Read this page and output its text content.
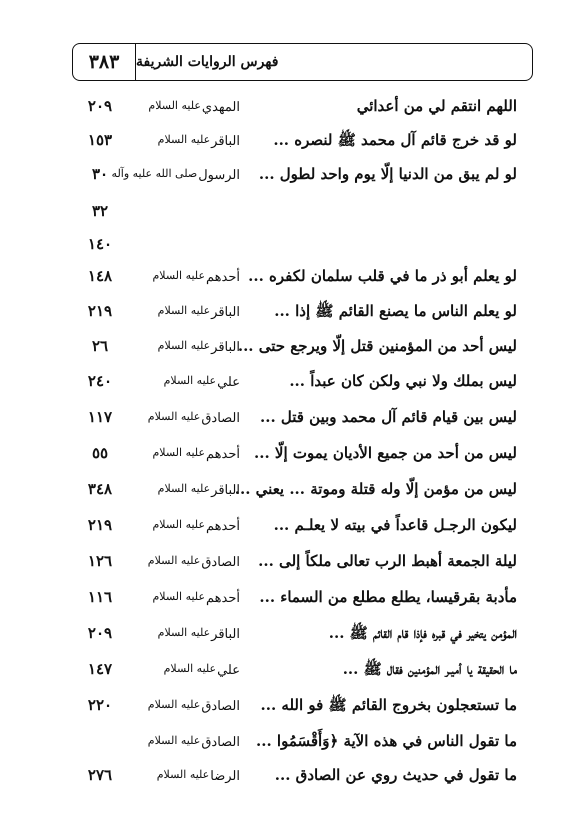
٣٨٣	فهرس الروايات الشريفة
اللهم انتقم لي من أعدائي
المهديعليه السلام
٢٠٩
لو قد خرج قائم آل محمد ﷺ لنصره ...
الباقرعليه السلام
١٥٣
لو لم يبق من الدنيا إلّا يوم واحد لطول ...
الرسولصلى الله عليه وآله
٣٠
٣٢
١٤٠
لو يعلم أبو ذر ما في قلب سلمان لكفره ...
أحدهمعليه السلام
١٤٨
لو يعلم الناس ما يصنع القائم ﷺ إذا ...
الباقرعليه السلام
٢١٩
ليس أحد من المؤمنين قتل إلّا ويرجع حتى ...
الباقرعليه السلام
٢٦
ليس بملك ولا نبي ولكن كان عبداً ...
عليعليه السلام
٢٤٠
ليس بين قيام قائم آل محمد وبين قتل ...
الصادقعليه السلام
١١٧
ليس من أحد من جميع الأديان يموت إلّا ...
أحدهمعليه السلام
٥٥
ليس من مؤمن إلّا وله قتلة وموتة ... يعني ...
الباقرعليه السلام
٣٤٨
ليكون الرجـل قاعداً في بيته لا يعلـم ...
أحدهمعليه السلام
٢١٩
ليلة الجمعة أهبط الرب تعالى ملكاً إلى ...
الصادقعليه السلام
١٢٦
مأدبة بقرقيسا، يطلع مطلع من السماء ...
أحدهمعليه السلام
١١٦
المؤمن يتخير في قبره فإذا قام القائم ﷺ ...
الباقرعليه السلام
٢٠٩
ما الحقيقة يا أميـر المؤمنين فقال ﷺ ...
عليعليه السلام
١٤٧
ما تستعجلون بخروج القائم ﷺ فو الله ...
الصادقعليه السلام
٢٢٠
ما تقول الناس في هذه الآية ﴿وَأَقْسَمُوا ...
الصادقعليه السلام
ما تقول في حديث روي عن الصادق ...
الرضاعليه السلام
٢٧٦
